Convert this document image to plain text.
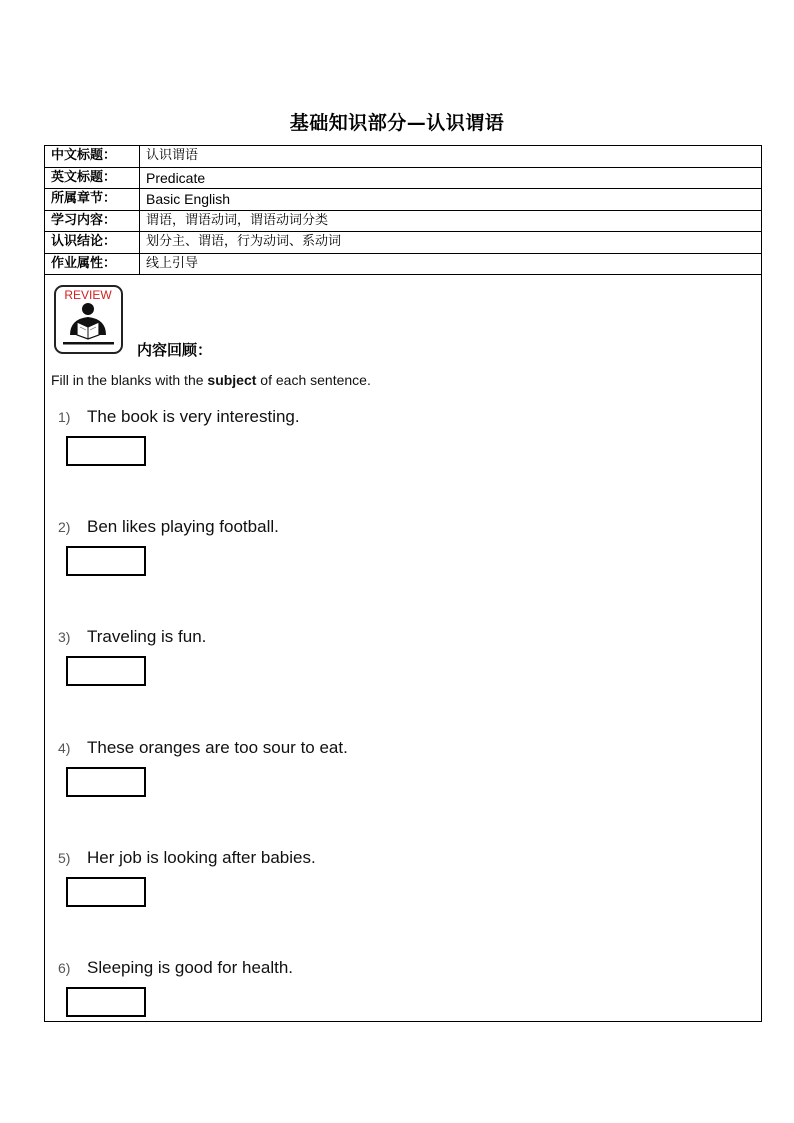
基础知识部分—认识谓语
中文标题：	认识谓语
英文标题：	Predicate
所属章节：	Basic English
学习内容：	谓语，谓语动词，谓语动词分类
认识结论：	划分主、谓语，行为动词、系动词
作业属性：	线上引导
REVIEW
内容回顾：
Fill in the blanks with the subject of each sentence.
1) The book is very interesting.
2) Ben likes playing football.
3) Traveling is fun.
4) These oranges are too sour to eat.
5) Her job is looking after babies.
6) Sleeping is good for health.
